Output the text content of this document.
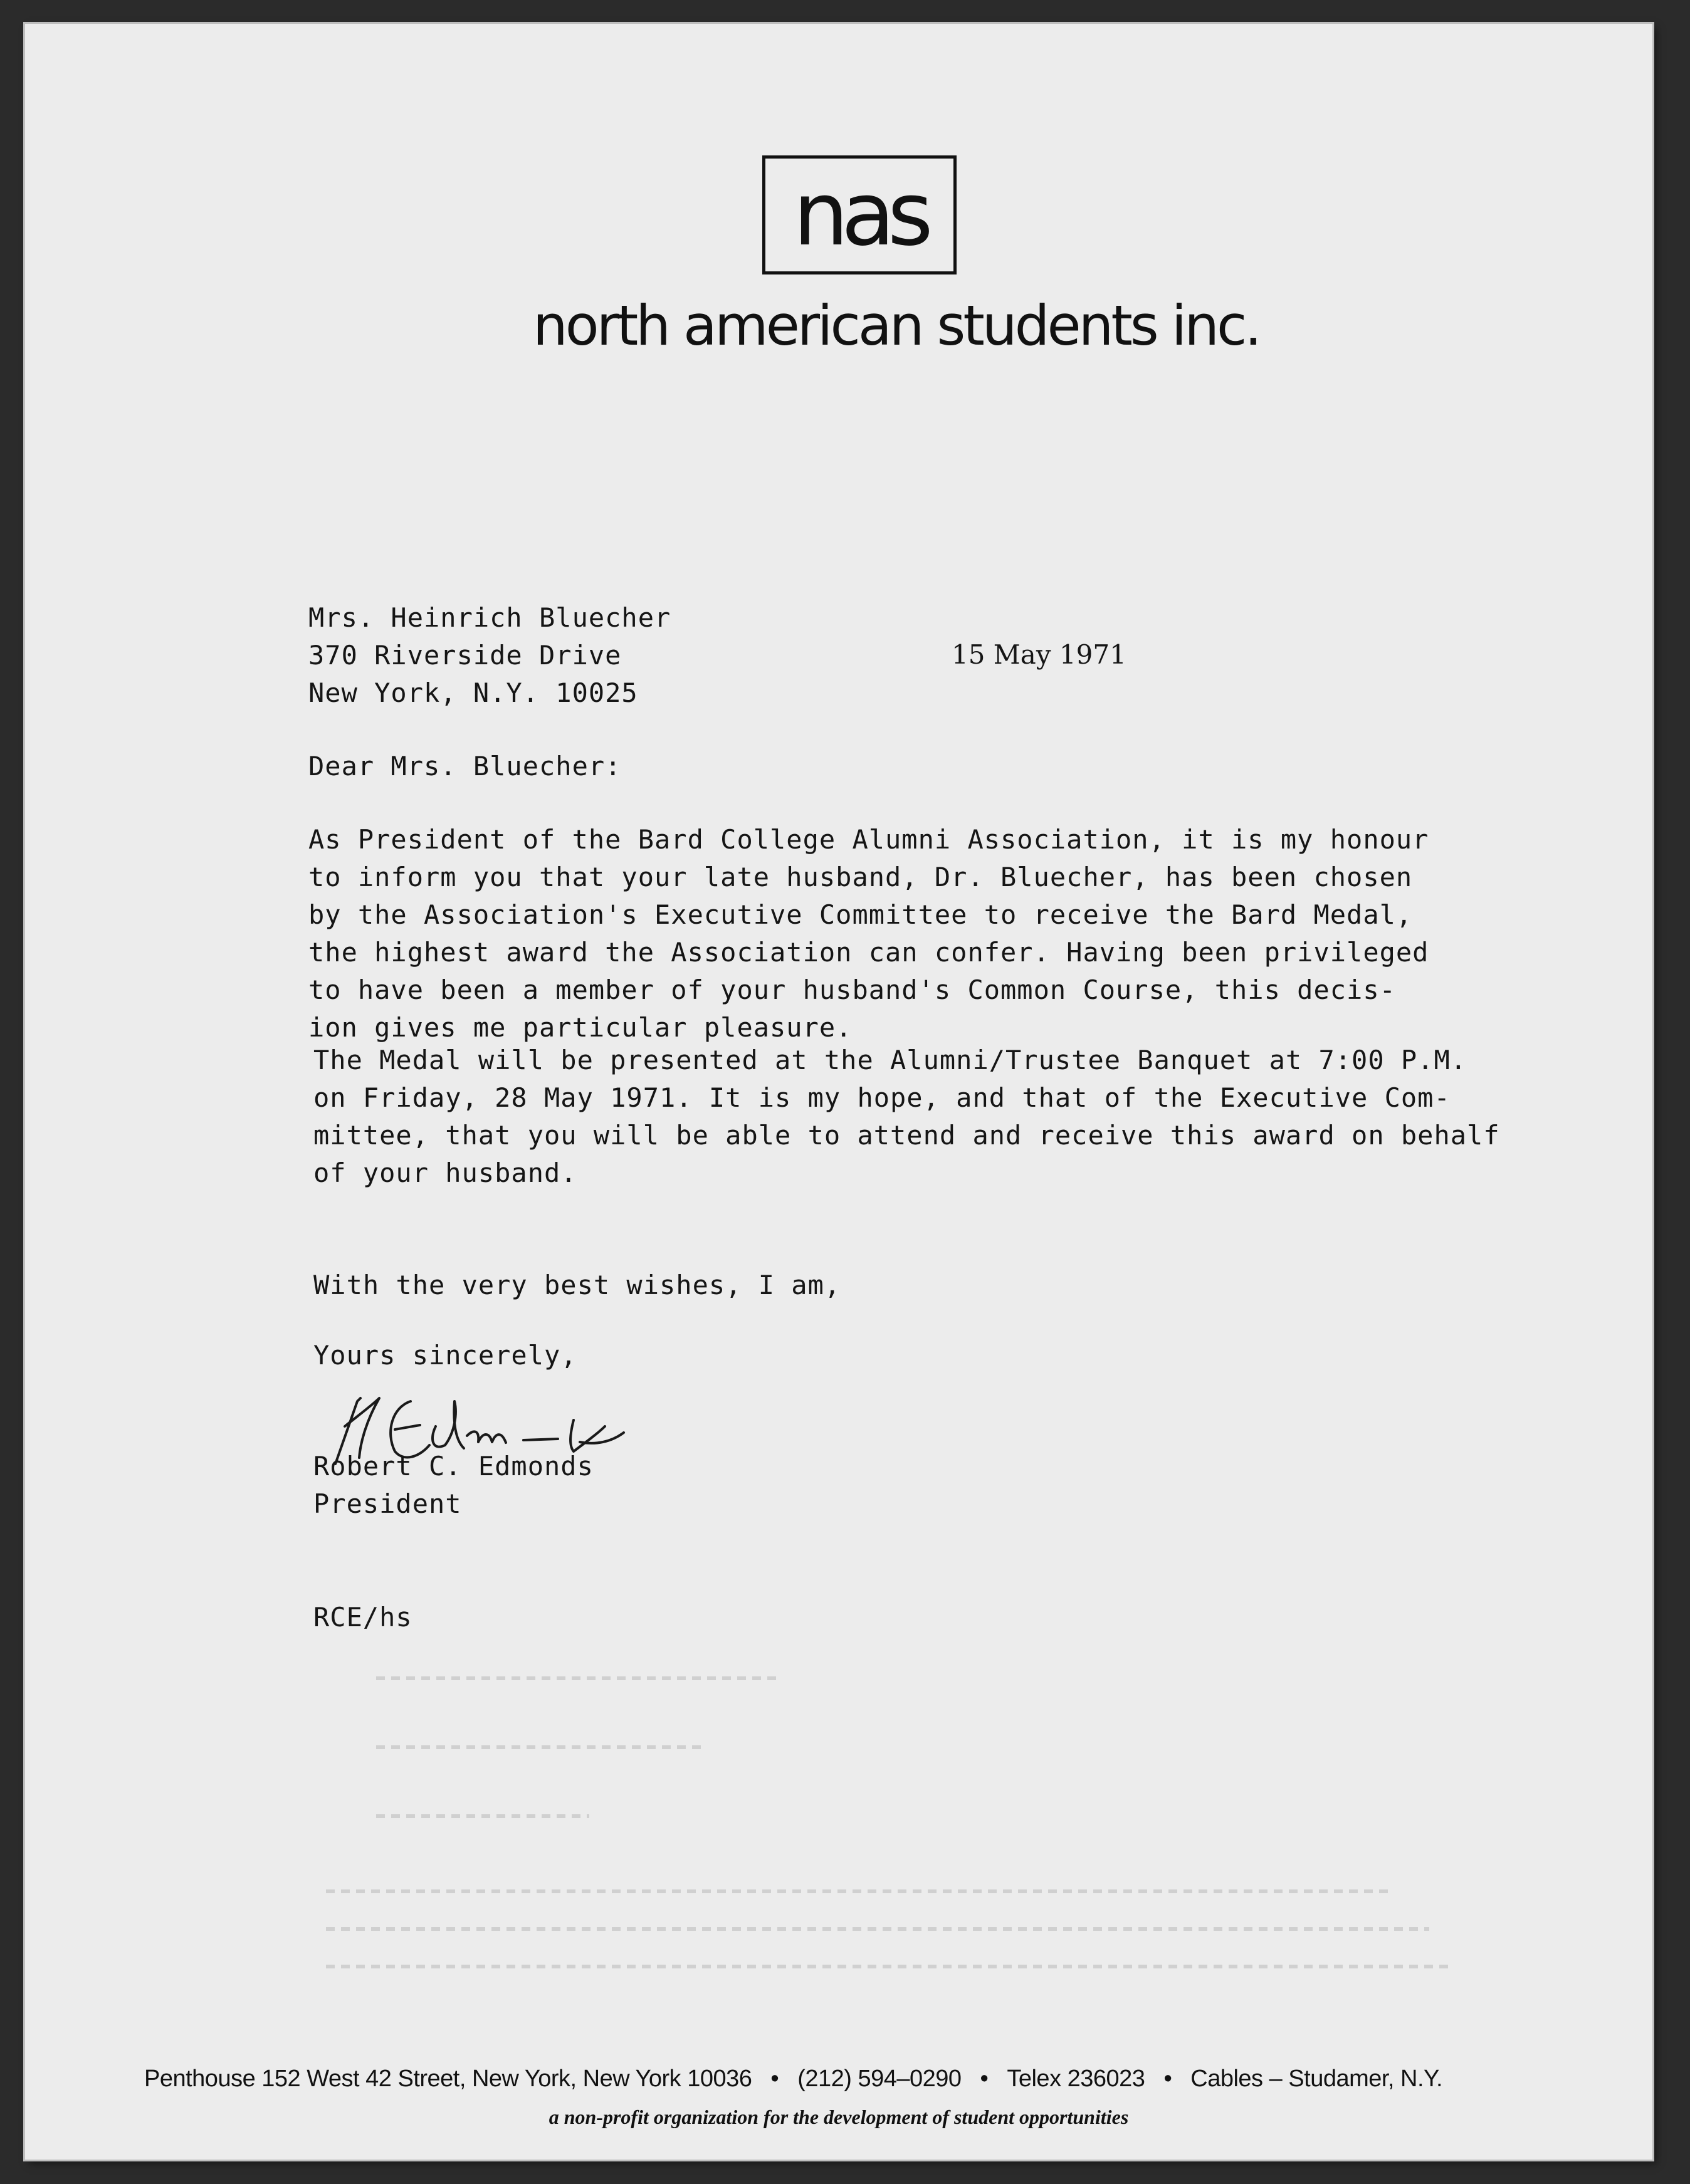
nas
north american students inc.
Mrs. Heinrich Bluecher
370 Riverside Drive
New York, N.Y. 10025
15 May 1971
Dear Mrs. Bluecher:
As President of the Bard College Alumni Association, it is my honour
to inform you that your late husband, Dr. Bluecher, has been chosen
by the Association's Executive Committee to receive the Bard Medal,
the highest award the Association can confer. Having been privileged
to have been a member of your husband's Common Course, this decis-
ion gives me particular pleasure.
The Medal will be presented at the Alumni/Trustee Banquet at 7:00 P.M.
on Friday, 28 May 1971. It is my hope, and that of the Executive Com-
mittee, that you will be able to attend and receive this award on behalf
of your husband.
With the very best wishes, I am,
Yours sincerely,
Robert C. Edmonds
President
RCE/hs
Penthouse 152 West 42 Street, New York, New York 10036 • (212) 594–0290 • Telex 236023 • Cables – Studamer, N.Y.
a non-profit organization for the development of student opportunities
